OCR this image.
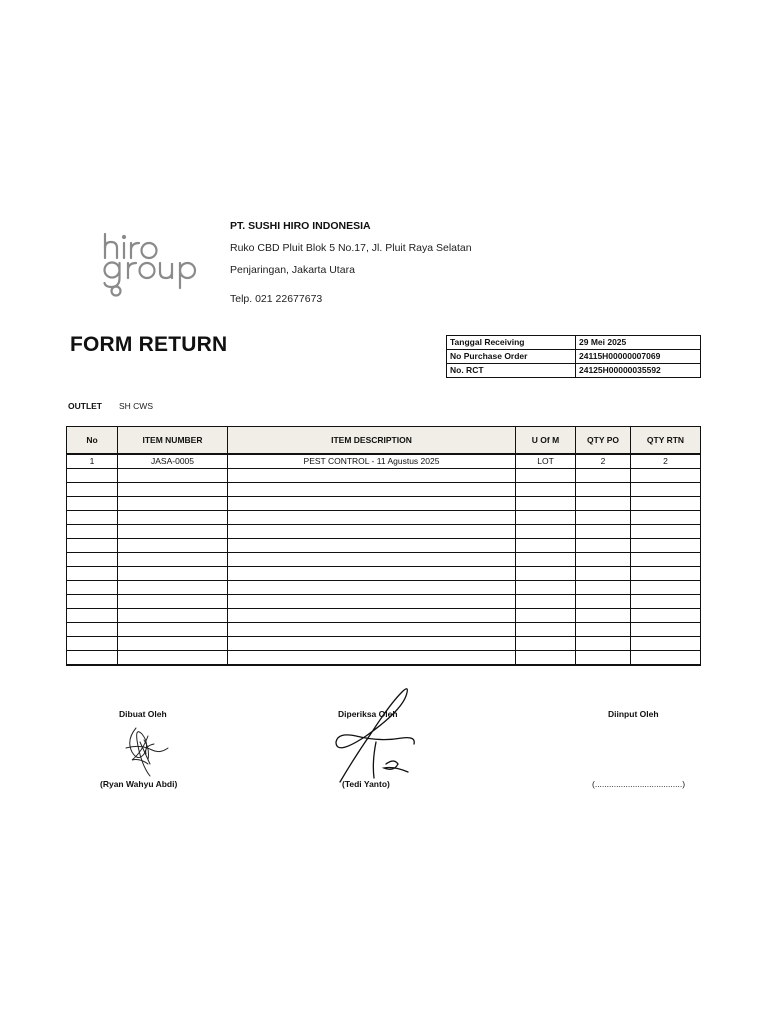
PT. SUSHI HIRO INDONESIA
Ruko CBD Pluit Blok 5 No.17, Jl. Pluit Raya Selatan
Penjaringan, Jakarta Utara
Telp. 021 22677673
FORM RETURN	Tanggal Receiving	29 Mei 2025
No Purchase Order	24115H00000007069
No. RCT	24125H00000035592
OUTLET SH CWS
No	ITEM NUMBER	ITEM DESCRIPTION	U Of M	QTY PO	QTY RTN
1	JASA-0005	PEST CONTROL - 11 Agustus 2025	LOT	2	2

Dibuat Oleh	Diperiksa Oleh	Diinput Oleh
(Ryan Wahyu Abdi)	(Tedi Yanto)	(.....................................)
